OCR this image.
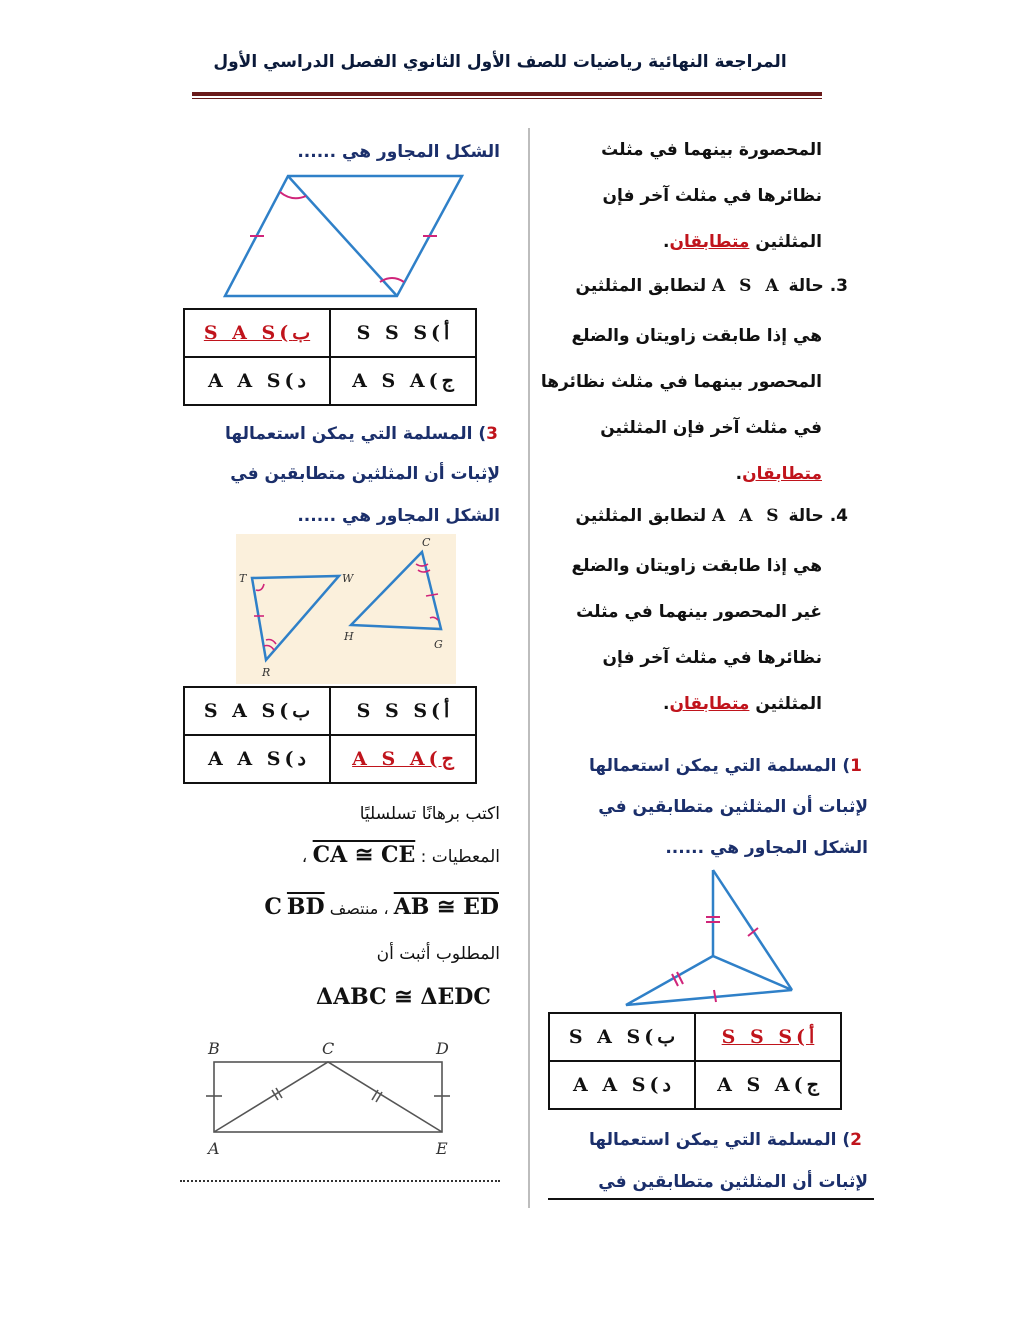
المراجعة النهائية رياضيات للصف الأول الثانوي الفصل الدراسي الأول
المحصورة بينهما في مثلث
نظائرها في مثلث آخر فإن
المثلثين متطابقان.
3. حالة A S A لتطابق المثلثين
هي إذا طابقت زاويتان والضلع
المحصور بينهما في مثلث نظائرها
في مثلث آخر فإن المثلثين
متطابقان.
4. حالة A A S لتطابق المثلثين
هي إذا طابقت زاويتان والضلع
غير المحصور بينهما في مثلث
نظائرها في مثلث آخر فإن
المثلثين متطابقان.
1) المسلمة التي يمكن استعمالها
لإثبات أن المثلثين متطابقين في
الشكل المجاور هي ......
S A S(ب	S S S(أ
A A S(د	A S A(ج
2) المسلمة التي يمكن استعمالها
لإثبات أن المثلثين متطابقين في
الشكل المجاور هي ......
S A S(ب	S S S(أ
A A S(د	A S A(ج
3) المسلمة التي يمكن استعمالها
لإثبات أن المثلثين متطابقين في
الشكل المجاور هي ......
T	W
R
C
H
G
S A S(ب	S S S(أ
A A S(د	A S A(ج
اكتب برهانًا تسلسليًا
المعطيات : CA ≅ CE ،
AB ≅ ED ، منتصف C BD
المطلوب أثبت أن
ΔABC ≅ ΔEDC
B	C	D
A	E
